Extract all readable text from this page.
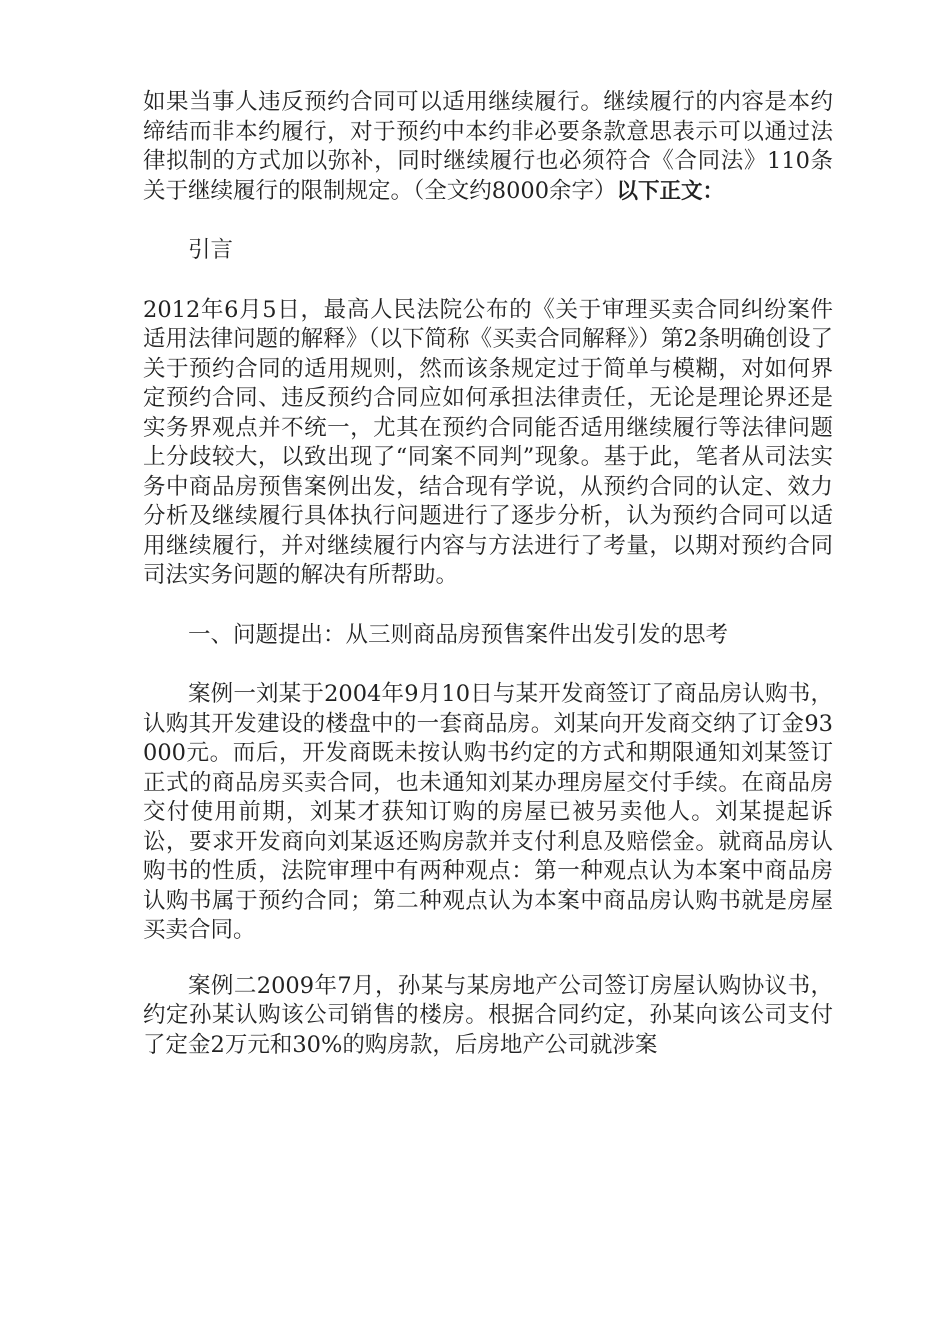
如果当事人违反预约合同可以适用继续履行。继续履行的内容是本约缔结而非本约履行，对于预约中本约非必要条款意思表示可以通过法律拟制的方式加以弥补，同时继续履行也必须符合《合同法》110条关于继续履行的限制规定。（全文约8000余字）以下正文：

引言

2012年6月5日，最高人民法院公布的《关于审理买卖合同纠纷案件适用法律问题的解释》（以下简称《买卖合同解释》）第2条明确创设了关于预约合同的适用规则，然而该条规定过于简单与模糊，对如何界定预约合同、违反预约合同应如何承担法律责任，无论是理论界还是实务界观点并不统一，尤其在预约合同能否适用继续履行等法律问题上分歧较大，以致出现了“同案不同判”现象。基于此，笔者从司法实务中商品房预售案例出发，结合现有学说，从预约合同的认定、效力分析及继续履行具体执行问题进行了逐步分析，认为预约合同可以适用继续履行，并对继续履行内容与方法进行了考量，以期对预约合同司法实务问题的解决有所帮助。

一、问题提出：从三则商品房预售案件出发引发的思考

案例一刘某于2004年9月10日与某开发商签订了商品房认购书，认购其开发建设的楼盘中的一套商品房。刘某向开发商交纳了订金93000元。而后，开发商既未按认购书约定的方式和期限通知刘某签订正式的商品房买卖合同，也未通知刘某办理房屋交付手续。在商品房交付使用前期，刘某才获知订购的房屋已被另卖他人。刘某提起诉讼，要求开发商向刘某返还购房款并支付利息及赔偿金。就商品房认购书的性质，法院审理中有两种观点：第一种观点认为本案中商品房认购书属于预约合同；第二种观点认为本案中商品房认购书就是房屋买卖合同。

案例二2009年7月，孙某与某房地产公司签订房屋认购协议书，约定孙某认购该公司销售的楼房。根据合同约定，孙某向该公司支付了定金2万元和30%的购房款，后房地产公司就涉案
